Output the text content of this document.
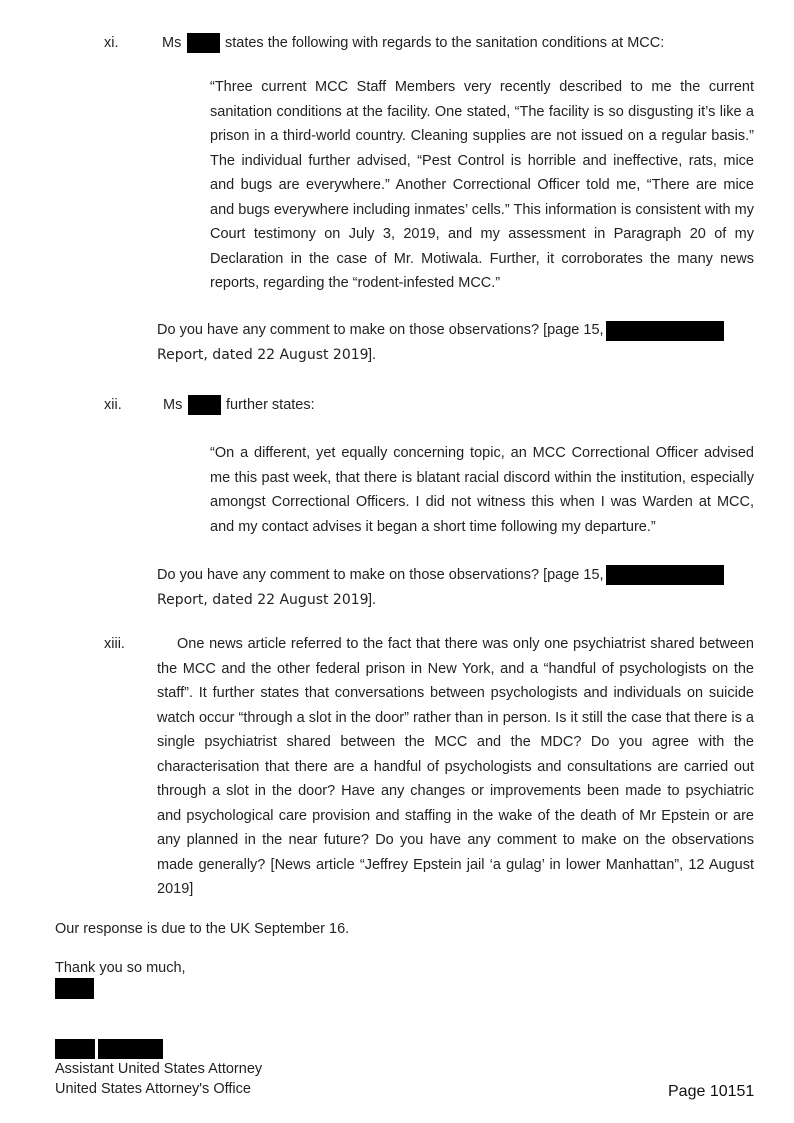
xi.	Ms	states the following with regards to the sanitation conditions at MCC:
“Three current MCC Staff Members very recently described to me the current sanitation conditions at the facility. One stated, “The facility is so disgusting it’s like a prison in a third-world country. Cleaning supplies are not issued on a regular basis.” The individual further advised, “Pest Control is horrible and ineffective, rats, mice and bugs are everywhere.” Another Correctional Officer told me, “There are mice and bugs everywhere including inmates’ cells.” This information is consistent with my Court testimony on July 3, 2019, and my assessment in Paragraph 20 of my Declaration in the case of Mr. Motiwala. Further, it corroborates the many news reports, regarding the “rodent-infested MCC.”
Do you have any comment to make on those observations? [page 15,
Report, dated 22 August 2019 ].
xii.	Ms	further states:
“On a different, yet equally concerning topic, an MCC Correctional Officer advised me this past week, that there is blatant racial discord within the institution, especially amongst Correctional Officers. I did not witness this when I was Warden at MCC, and my contact advises it began a short time following my departure.”
Do you have any comment to make on those observations? [page 15,
Report, dated 22 August 2019 ].
xiii.	One news article referred to the fact that there was only one psychiatrist shared between the MCC and the other federal prison in New York, and a “handful of psychologists on the staff”. It further states that conversations between psychologists and individuals on suicide watch occur “through a slot in the door” rather than in person. Is it still the case that there is a single psychiatrist shared between the MCC and the MDC? Do you agree with the characterisation that there are a handful of psychologists and consultations are carried out through a slot in the door? Have any changes or improvements been made to psychiatric and psychological care provision and staffing in the wake of the death of Mr Epstein or are any planned in the near future? Do you have any comment to make on the observations made generally? [News article “Jeffrey Epstein jail ‘a gulag’ in lower Manhattan”, 12 August 2019]
Our response is due to the UK September 16.
Thank you so much,
Assistant United States Attorney
United States Attorney's Office	Page 10151
